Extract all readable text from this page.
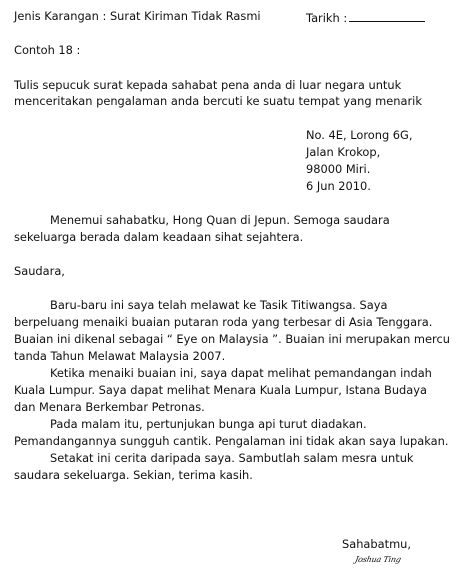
Jenis Karangan : Surat Kiriman Tidak Rasmi	Tarikh :
Contoh 18 :
Tulis sepucuk surat kepada sahabat pena anda di luar negara untuk
menceritakan pengalaman anda bercuti ke suatu tempat yang menarik
No. 4E, Lorong 6G,
Jalan Krokop,
98000 Miri.
6 Jun 2010.
Menemui sahabatku, Hong Quan di Jepun. Semoga saudara
sekeluarga berada dalam keadaan sihat sejahtera.
Saudara,
Baru-baru ini saya telah melawat ke Tasik Titiwangsa. Saya
berpeluang menaiki buaian putaran roda yang terbesar di Asia Tenggara.
Buaian ini dikenal sebagai “ Eye on Malaysia ”. Buaian ini merupakan mercu
tanda Tahun Melawat Malaysia 2007.
Ketika menaiki buaian ini, saya dapat melihat pemandangan indah
Kuala Lumpur. Saya dapat melihat Menara Kuala Lumpur, Istana Budaya
dan Menara Berkembar Petronas.
Pada malam itu, pertunjukan bunga api turut diadakan.
Pemandangannya sungguh cantik. Pengalaman ini tidak akan saya lupakan.
Setakat ini cerita daripada saya. Sambutlah salam mesra untuk
saudara sekeluarga. Sekian, terima kasih.
Sahabatmu,
Joshua Ting
